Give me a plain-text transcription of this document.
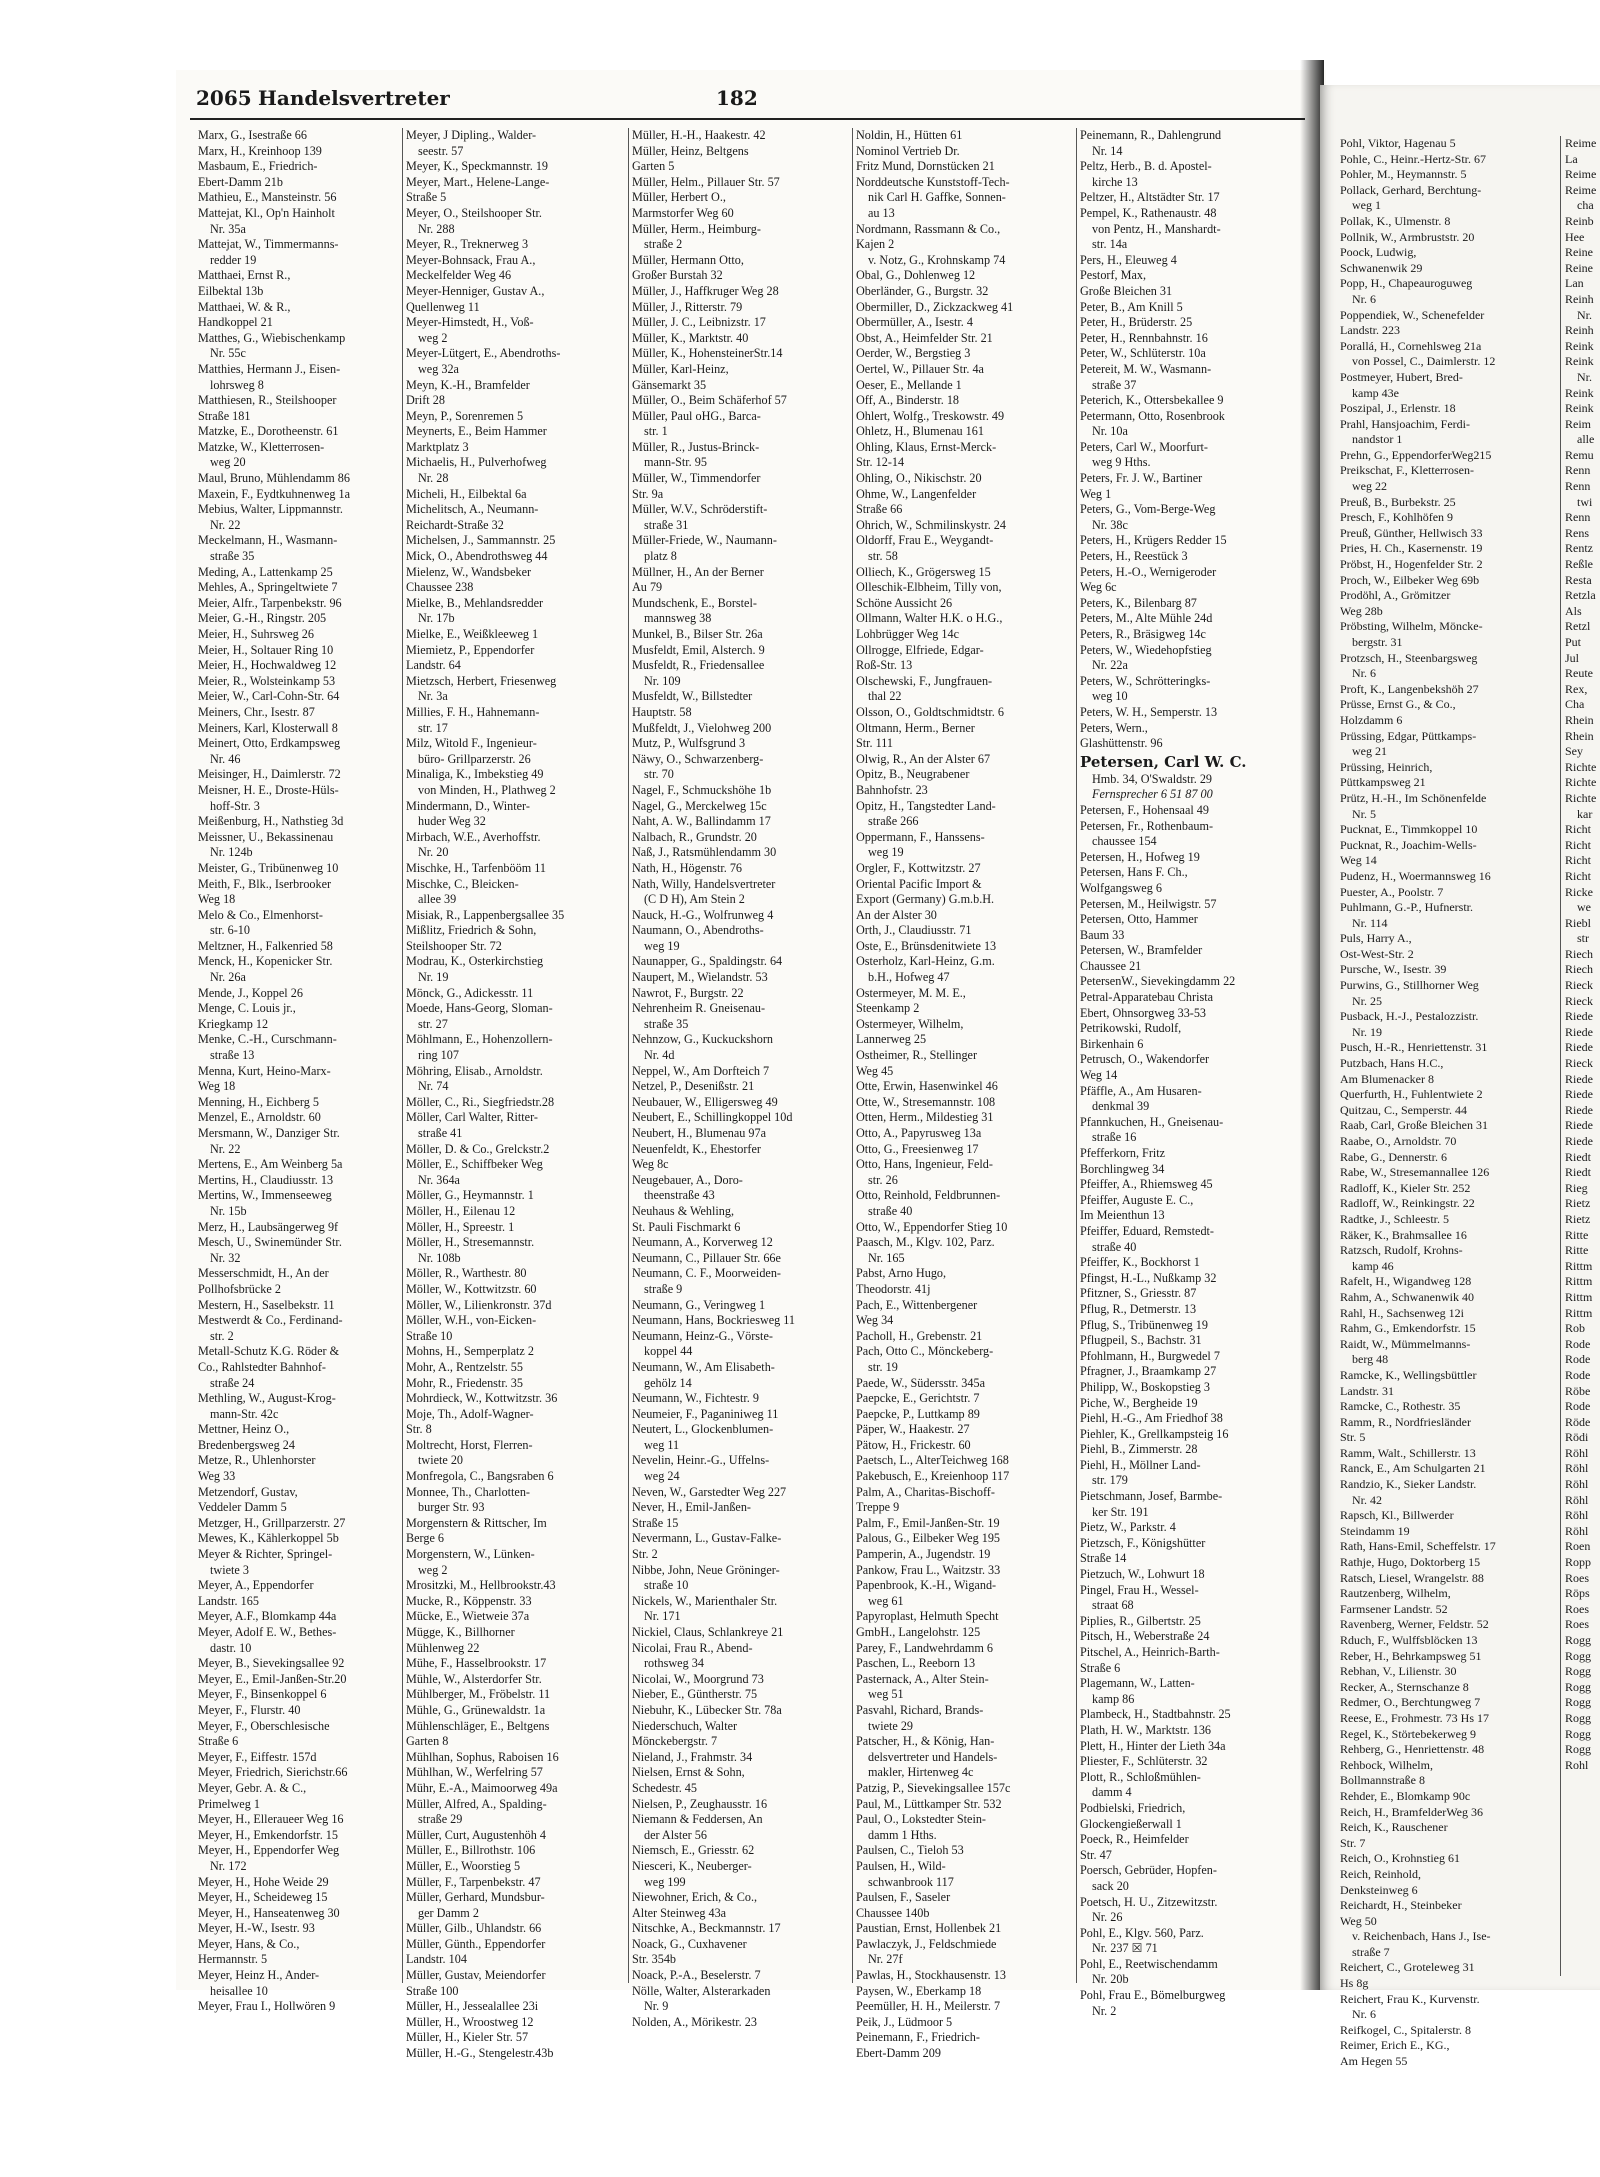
2065 Handelsvertreter	182
Marx, G., Isestraße 66
Marx, H., Kreinhoop 139
Masbaum, E., Friedrich-
Ebert-Damm 21b
Mathieu, E., Mansteinstr. 56
Mattejat, Kl., Op'n Hainholt
Nr. 35a
Mattejat, W., Timmermanns-
redder 19
Matthaei, Ernst R.,
Eilbektal 13b
Matthaei, W. & R.,
Handkoppel 21
Matthes, G., Wiebischenkamp
Nr. 55c
Matthies, Hermann J., Eisen-
lohrsweg 8
Matthiesen, R., Steilshooper
Straße 181
Matzke, E., Dorotheenstr. 61
Matzke, W., Kletterrosen-
weg 20
Maul, Bruno, Mühlendamm 86
Maxein, F., Eydtkuhnenweg 1a
Mebius, Walter, Lippmannstr.
Nr. 22
Meckelmann, H., Wasmann-
straße 35
Meding, A., Lattenkamp 25
Mehles, A., Springeltwiete 7
Meier, Alfr., Tarpenbekstr. 96
Meier, G.-H., Ringstr. 205
Meier, H., Suhrsweg 26
Meier, H., Soltauer Ring 10
Meier, H., Hochwaldweg 12
Meier, R., Wolsteinkamp 53
Meier, W., Carl-Cohn-Str. 64
Meiners, Chr., Isestr. 87
Meiners, Karl, Klosterwall 8
Meinert, Otto, Erdkampsweg
Nr. 46
Meisinger, H., Daimlerstr. 72
Meisner, H. E., Droste-Hüls-
hoff-Str. 3
Meißenburg, H., Nathstieg 3d
Meissner, U., Bekassinenau
Nr. 124b
Meister, G., Tribünenweg 10
Meith, F., Blk., Iserbrooker
Weg 18
Melo & Co., Elmenhorst-
str. 6-10
Meltzner, H., Falkenried 58
Menck, H., Kopenicker Str.
Nr. 26a
Mende, J., Koppel 26
Menge, C. Louis jr.,
Kriegkamp 12
Menke, C.-H., Curschmann-
straße 13
Menna, Kurt, Heino-Marx-
Weg 18
Menning, H., Eichberg 5
Menzel, E., Arnoldstr. 60
Mersmann, W., Danziger Str.
Nr. 22
Mertens, E., Am Weinberg 5a
Mertins, H., Claudiusstr. 13
Mertins, W., Immenseeweg
Nr. 15b
Merz, H., Laubsängerweg 9f
Mesch, U., Swinemünder Str.
Nr. 32
Messerschmidt, H., An der
Pollhofsbrücke 2
Mestern, H., Saselbekstr. 11
Mestwerdt & Co., Ferdinand-
str. 2
Metall-Schutz K.G. Röder &
Co., Rahlstedter Bahnhof-
straße 24
Methling, W., August-Krog-
mann-Str. 42c
Mettner, Heinz O.,
Bredenbergsweg 24
Metze, R., Uhlenhorster
Weg 33
Metzendorf, Gustav,
Veddeler Damm 5
Metzger, H., Grillparzerstr. 27
Mewes, K., Kählerkoppel 5b
Meyer & Richter, Springel-
twiete 3
Meyer, A., Eppendorfer
Landstr. 165
Meyer, A.F., Blomkamp 44a
Meyer, Adolf E. W., Bethes-
dastr. 10
Meyer, B., Sievekingsallee 92
Meyer, E., Emil-Janßen-Str.20
Meyer, F., Binsenkoppel 6
Meyer, F., Flurstr. 40
Meyer, F., Oberschlesische
Straße 6
Meyer, F., Eiffestr. 157d
Meyer, Friedrich, Sierichstr.66
Meyer, Gebr. A. & C.,
Primelweg 1
Meyer, H., Elleraueer Weg 16
Meyer, H., Emkendorfstr. 15
Meyer, H., Eppendorfer Weg
Nr. 172
Meyer, H., Hohe Weide 29
Meyer, H., Scheideweg 15
Meyer, H., Hanseatenweg 30
Meyer, H.-W., Isestr. 93
Meyer, Hans, & Co.,
Hermannstr. 5
Meyer, Heinz H., Ander-
heisallee 10
Meyer, Frau I., Hollwören 9
Meyer, J Dipling., Walder-
seestr. 57
Meyer, K., Speckmannstr. 19
Meyer, Mart., Helene-Lange-
Straße 5
Meyer, O., Steilshooper Str.
Nr. 288
Meyer, R., Treknerweg 3
Meyer-Bohnsack, Frau A.,
Meckelfelder Weg 46
Meyer-Henniger, Gustav A.,
Quellenweg 11
Meyer-Himstedt, H., Voß-
weg 2
Meyer-Lütgert, E., Abendroths-
weg 32a
Meyn, K.-H., Bramfelder
Drift 28
Meyn, P., Sorenremen 5
Meynerts, E., Beim Hammer
Marktplatz 3
Michaelis, H., Pulverhofweg
Nr. 28
Micheli, H., Eilbektal 6a
Michelitsch, A., Neumann-
Reichardt-Straße 32
Michelsen, J., Sammannstr. 25
Mick, O., Abendrothsweg 44
Mielenz, W., Wandsbeker
Chaussee 238
Mielke, B., Mehlandsredder
Nr. 17b
Mielke, E., Weißkleeweg 1
Miemietz, P., Eppendorfer
Landstr. 64
Mietzsch, Herbert, Friesenweg
Nr. 3a
Millies, F. H., Hahnemann-
str. 17
Milz, Witold F., Ingenieur-
büro- Grillparzerstr. 26
Minaliga, K., Imbekstieg 49
von Minden, H., Plathweg 2
Mindermann, D., Winter-
huder Weg 32
Mirbach, W.E., Averhoffstr.
Nr. 20
Mischke, H., Tarfenbööm 11
Mischke, C., Bleicken-
allee 39
Misiak, R., Lappenbergsallee 35
Mißlitz, Friedrich & Sohn,
Steilshooper Str. 72
Modrau, K., Osterkirchstieg
Nr. 19
Mönck, G., Adickesstr. 11
Moede, Hans-Georg, Sloman-
str. 27
Möhlmann, E., Hohenzollern-
ring 107
Möhring, Elisab., Arnoldstr.
Nr. 74
Möller, C., Ri., Siegfriedstr.28
Möller, Carl Walter, Ritter-
straße 41
Möller, D. & Co., Grelckstr.2
Möller, E., Schiffbeker Weg
Nr. 364a
Möller, G., Heymannstr. 1
Möller, H., Eilenau 12
Möller, H., Spreestr. 1
Möller, H., Stresemannstr.
Nr. 108b
Möller, R., Warthestr. 80
Möller, W., Kottwitzstr. 60
Möller, W., Lilienkronstr. 37d
Möller, W.H., von-Eicken-
Straße 10
Mohns, H., Semperplatz 2
Mohr, A., Rentzelstr. 55
Mohr, R., Friedenstr. 35
Mohrdieck, W., Kottwitzstr. 36
Moje, Th., Adolf-Wagner-
Str. 8
Moltrecht, Horst, Flerren-
twiete 20
Monfregola, C., Bangsraben 6
Monnee, Th., Charlotten-
burger Str. 93
Morgenstern & Rittscher, Im
Berge 6
Morgenstern, W., Lünken-
weg 2
Mrositzki, M., Hellbrookstr.43
Mucke, R., Köppenstr. 33
Mücke, E., Wietweie 37a
Mügge, K., Billhorner
Mühlenweg 22
Mühe, F., Hasselbrookstr. 17
Mühle, W., Alsterdorfer Str.
Mühlberger, M., Fröbelstr. 11
Mühle, G., Grünewaldstr. 1a
Mühlenschläger, E., Beltgens
Garten 8
Mühlhan, Sophus, Raboisen 16
Mühlhan, W., Werfelring 57
Mühr, E.-A., Maimoorweg 49a
Müller, Alfred, A., Spalding-
straße 29
Müller, Curt, Augustenhöh 4
Müller, E., Billrothstr. 106
Müller, E., Woorstieg 5
Müller, F., Tarpenbekstr. 47
Müller, Gerhard, Mundsbur-
ger Damm 2
Müller, Gilb., Uhlandstr. 66
Müller, Günth., Eppendorfer
Landstr. 104
Müller, Gustav, Meiendorfer
Straße 100
Müller, H., Jessealallee 23i
Müller, H., Wroostweg 12
Müller, H., Kieler Str. 57
Müller, H.-G., Stengelestr.43b
Müller, H.-H., Haakestr. 42
Müller, Heinz, Beltgens
Garten 5
Müller, Helm., Pillauer Str. 57
Müller, Herbert O.,
Marmstorfer Weg 60
Müller, Herm., Heimburg-
straße 2
Müller, Hermann Otto,
Großer Burstah 32
Müller, J., Haffkruger Weg 28
Müller, J., Ritterstr. 79
Müller, J. C., Leibnizstr. 17
Müller, K., Marktstr. 40
Müller, K., HohensteinerStr.14
Müller, Karl-Heinz,
Gänsemarkt 35
Müller, O., Beim Schäferhof 57
Müller, Paul oHG., Barca-
str. 1
Müller, R., Justus-Brinck-
mann-Str. 95
Müller, W., Timmendorfer
Str. 9a
Müller, W.V., Schröderstift-
straße 31
Müller-Friede, W., Naumann-
platz 8
Müllner, H., An der Berner
Au 79
Mundschenk, E., Borstel-
mannsweg 38
Munkel, B., Bilser Str. 26a
Musfeldt, Emil, Alsterch. 9
Musfeldt, R., Friedensallee
Nr. 109
Musfeldt, W., Billstedter
Hauptstr. 58
Mußfeldt, J., Vielohweg 200
Mutz, P., Wulfsgrund 3
Näwy, O., Schwarzenberg-
str. 70
Nagel, F., Schmuckshöhe 1b
Nagel, G., Merckelweg 15c
Naht, A. W., Ballindamm 17
Nalbach, R., Grundstr. 20
Naß, J., Ratsmühlendamm 30
Nath, H., Högenstr. 76
Nath, Willy, Handelsvertreter
(C D H), Am Stein 2
Nauck, H.-G., Wolfrunweg 4
Naumann, O., Abendroths-
weg 19
Naunapper, G., Spaldingstr. 64
Naupert, M., Wielandstr. 53
Nawrot, F., Burgstr. 22
Nehrenheim R. Gneisenau-
straße 35
Nehnzow, G., Kuckuckshorn
Nr. 4d
Neppel, W., Am Dorfteich 7
Netzel, P., Desenißstr. 21
Neubauer, W., Elligersweg 49
Neubert, E., Schillingkoppel 10d
Neubert, H., Blumenau 97a
Neuenfeldt, K., Ehestorfer
Weg 8c
Neugebauer, A., Doro-
theenstraße 43
Neuhaus & Wehling,
St. Pauli Fischmarkt 6
Neumann, A., Korverweg 12
Neumann, C., Pillauer Str. 66e
Neumann, C. F., Moorweiden-
straße 9
Neumann, G., Veringweg 1
Neumann, Hans, Bockriesweg 11
Neumann, Heinz-G., Vörste-
koppel 44
Neumann, W., Am Elisabeth-
gehölz 14
Neumann, W., Fichtestr. 9
Neumeier, F., Paganiniweg 11
Neutert, L., Glockenblumen-
weg 11
Nevelin, Heinr.-G., Uffelns-
weg 24
Neven, W., Garstedter Weg 227
Never, H., Emil-Janßen-
Straße 15
Nevermann, L., Gustav-Falke-
Str. 2
Nibbe, John, Neue Gröninger-
straße 10
Nickels, W., Marienthaler Str.
Nr. 171
Nickiel, Claus, Schlankreye 21
Nicolai, Frau R., Abend-
rothsweg 34
Nicolai, W., Moorgrund 73
Nieber, E., Güntherstr. 75
Niebuhr, K., Lübecker Str. 78a
Niederschuch, Walter
Mönckebergstr. 7
Nieland, J., Frahmstr. 34
Nielsen, Ernst & Sohn,
Schedestr. 45
Nielsen, P., Zeughausstr. 16
Niemann & Feddersen, An
der Alster 56
Niemsch, E., Griesstr. 62
Niesceri, K., Neuberger-
weg 199
Niewohner, Erich, & Co.,
Alter Steinweg 43a
Nitschke, A., Beckmannstr. 17
Noack, G., Cuxhavener
Str. 354b
Noack, P.-A., Beselerstr. 7
Nölle, Walter, Alsterarkaden
Nr. 9
Nolden, A., Mörikestr. 23
Noldin, H., Hütten 61
Nominol Vertrieb Dr.
Fritz Mund, Dornstücken 21
Norddeutsche Kunststoff-Tech-
nik Carl H. Gaffke, Sonnen-
au 13
Nordmann, Rassmann & Co.,
Kajen 2
v. Notz, G., Krohnskamp 74
Obal, G., Dohlenweg 12
Oberländer, G., Burgstr. 32
Obermiller, D., Zickzackweg 41
Obermüller, A., Isestr. 4
Obst, A., Heimfelder Str. 21
Oerder, W., Bergstieg 3
Oertel, W., Pillauer Str. 4a
Oeser, E., Mellande 1
Off, A., Binderstr. 18
Ohlert, Wolfg., Treskowstr. 49
Ohletz, H., Blumenau 161
Ohling, Klaus, Ernst-Merck-
Str. 12-14
Ohling, O., Nikischstr. 20
Ohme, W., Langenfelder
Straße 66
Ohrich, W., Schmilinskystr. 24
Oldorff, Frau E., Weygandt-
str. 58
Olliech, K., Grögersweg 15
Olleschik-Elbheim, Tilly von,
Schöne Aussicht 26
Ollmann, Walter H.K. o H.G.,
Lohbrügger Weg 14c
Ollrogge, Elfriede, Edgar-
Roß-Str. 13
Olschewski, F., Jungfrauen-
thal 22
Olsson, O., Goldtschmidtstr. 6
Oltmann, Herm., Berner
Str. 111
Olwig, R., An der Alster 67
Opitz, B., Neugrabener
Bahnhofstr. 23
Opitz, H., Tangstedter Land-
straße 266
Oppermann, F., Hanssens-
weg 19
Orgler, F., Kottwitzstr. 27
Oriental Pacific Import &
Export (Germany) G.m.b.H.
An der Alster 30
Orth, J., Claudiusstr. 71
Oste, E., Brünsdenitwiete 13
Osterholz, Karl-Heinz, G.m.
b.H., Hofweg 47
Ostermeyer, M. M. E.,
Steenkamp 2
Ostermeyer, Wilhelm,
Lannerweg 25
Ostheimer, R., Stellinger
Weg 45
Otte, Erwin, Hasenwinkel 46
Otte, W., Stresemannstr. 108
Otten, Herm., Mildestieg 31
Otto, A., Papyrusweg 13a
Otto, G., Freesienweg 17
Otto, Hans, Ingenieur, Feld-
str. 26
Otto, Reinhold, Feldbrunnen-
straße 40
Otto, W., Eppendorfer Stieg 10
Paasch, M., Klgv. 102, Parz.
Nr. 165
Pabst, Arno Hugo,
Theodorstr. 41j
Pach, E., Wittenbergener
Weg 34
Pacholl, H., Grebenstr. 21
Pach, Otto C., Mönckeberg-
str. 19
Paede, W., Südersstr. 345a
Paepcke, E., Gerichtstr. 7
Paepcke, P., Luttkamp 89
Päper, W., Haakestr. 27
Pätow, H., Frickestr. 60
Paetsch, L., AlterTeichweg 168
Pakebusch, E., Kreienhoop 117
Palm, A., Charitas-Bischoff-
Treppe 9
Palm, F., Emil-Janßen-Str. 19
Palous, G., Eilbeker Weg 195
Pamperin, A., Jugendstr. 19
Pankow, Frau L., Waitzstr. 33
Papenbrook, K.-H., Wigand-
weg 61
Papyroplast, Helmuth Specht
GmbH., Langelohstr. 125
Parey, F., Landwehrdamm 6
Paschen, L., Reeborn 13
Pasternack, A., Alter Stein-
weg 51
Pasvahl, Richard, Brands-
twiete 29
Patscher, H., & König, Han-
delsvertreter und Handels-
makler, Hirtenweg 4c
Patzig, P., Sievekingsallee 157c
Paul, M., Lüttkamper Str. 532
Paul, O., Lokstedter Stein-
damm 1 Hths.
Paulsen, C., Tieloh 53
Paulsen, H., Wild-
schwanbrook 117
Paulsen, F., Saseler
Chaussee 140b
Paustian, Ernst, Hollenbek 21
Pawlaczyk, J., Feldschmiede
Nr. 27f
Pawlas, H., Stockhausenstr. 13
Paysen, W., Eberkamp 18
Peemüller, H. H., Meilerstr. 7
Peik, J., Lüdmoor 5
Peinemann, F., Friedrich-
Ebert-Damm 209
Peinemann, R., Dahlengrund
Nr. 14
Peltz, Herb., B. d. Apostel-
kirche 13
Peltzer, H., Altstädter Str. 17
Pempel, K., Rathenaustr. 48
von Pentz, H., Manshardt-
str. 14a
Pers, H., Eleuweg 4
Pestorf, Max,
Große Bleichen 31
Peter, B., Am Knill 5
Peter, H., Brüderstr. 25
Peter, H., Rennbahnstr. 16
Peter, W., Schlüterstr. 10a
Petereit, M. W., Wasmann-
straße 37
Peterich, K., Ottersbekallee 9
Petermann, Otto, Rosenbrook
Nr. 10a
Peters, Carl W., Moorfurt-
weg 9 Hths.
Peters, Fr. J. W., Bartiner
Weg 1
Peters, G., Vom-Berge-Weg
Nr. 38c
Peters, H., Krügers Redder 15
Peters, H., Reestück 3
Peters, H.-O., Wernigeroder
Weg 6c
Peters, K., Bilenbarg 87
Peters, M., Alte Mühle 24d
Peters, R., Bräsigweg 14c
Peters, W., Wiedehopfstieg
Nr. 22a
Peters, W., Schrötteringks-
weg 10
Peters, W. H., Semperstr. 13
Peters, Wern.,
Glashüttenstr. 96
Petersen, Carl W. C.
Hmb. 34, O'Swaldstr. 29
Fernsprecher 6 51 87 00
Petersen, F., Hohensaal 49
Petersen, Fr., Rothenbaum-
chaussee 154
Petersen, H., Hofweg 19
Petersen, Hans F. Ch.,
Wolfgangsweg 6
Petersen, M., Heilwigstr. 57
Petersen, Otto, Hammer
Baum 33
Petersen, W., Bramfelder
Chaussee 21
PetersenW., Sievekingdamm 22
Petral-Apparatebau Christa
Ebert, Ohnsorgweg 33-53
Petrikowski, Rudolf,
Birkenhain 6
Petrusch, O., Wakendorfer
Weg 14
Pfäffle, A., Am Husaren-
denkmal 39
Pfannkuchen, H., Gneisenau-
straße 16
Pfefferkorn, Fritz
Borchlingweg 34
Pfeiffer, A., Rhiemsweg 45
Pfeiffer, Auguste E. C.,
Im Meienthun 13
Pfeiffer, Eduard, Remstedt-
straße 40
Pfeiffer, K., Bockhorst 1
Pfingst, H.-L., Nußkamp 32
Pfitzner, S., Griesstr. 87
Pflug, R., Detmerstr. 13
Pflug, S., Tribünenweg 19
Pflugpeil, S., Bachstr. 31
Pfohlmann, H., Burgwedel 7
Pfragner, J., Braamkamp 27
Philipp, W., Boskopstieg 3
Piche, W., Bergheide 19
Piehl, H.-G., Am Friedhof 38
Piehler, K., Grellkampsteig 16
Piehl, B., Zimmerstr. 28
Piehl, H., Möllner Land-
str. 179
Pietschmann, Josef, Barmbe-
ker Str. 191
Pietz, W., Parkstr. 4
Pietzsch, F., Königshütter
Straße 14
Pietzuch, W., Lohwurt 18
Pingel, Frau H., Wessel-
straat 68
Piplies, R., Gilbertstr. 25
Pitsch, H., Weberstraße 24
Pitschel, A., Heinrich-Barth-
Straße 6
Plagemann, W., Latten-
kamp 86
Plambeck, H., Stadtbahnstr. 25
Plath, H. W., Marktstr. 136
Plett, H., Hinter der Lieth 34a
Pliester, F., Schlüterstr. 32
Plott, R., Schloßmühlen-
damm 4
Podbielski, Friedrich,
Glockengießerwall 1
Poeck, R., Heimfelder
Str. 47
Poersch, Gebrüder, Hopfen-
sack 20
Poetsch, H. U., Zitzewitzstr.
Nr. 26
Pohl, E., Klgv. 560, Parz.
Nr. 237 ☒ 71
Pohl, E., Reetwischendamm
Nr. 20b
Pohl, Frau E., Bömelburgweg
Nr. 2
Pohl, Viktor, Hagenau 5
Pohle, C., Heinr.-Hertz-Str. 67
Pohler, M., Heymannstr. 5
Pollack, Gerhard, Berchtung-
weg 1
Pollak, K., Ulmenstr. 8
Pollnik, W., Armbruststr. 20
Poock, Ludwig,
Schwanenwik 29
Popp, H., Chapeauroguweg
Nr. 6
Poppendiek, W., Schenefelder
Landstr. 223
Porallá, H., Cornehlsweg 21a
von Possel, C., Daimlerstr. 12
Postmeyer, Hubert, Bred-
kamp 43e
Poszipal, J., Erlenstr. 18
Prahl, Hansjoachim, Ferdi-
nandstor 1
Prehn, G., EppendorferWeg215
Preikschat, F., Kletterrosen-
weg 22
Preuß, B., Burbekstr. 25
Presch, F., Kohlhöfen 9
Preuß, Günther, Hellwisch 33
Pries, H. Ch., Kasernenstr. 19
Pröbst, H., Hogenfelder Str. 2
Proch, W., Eilbeker Weg 69b
Prodöhl, A., Grömitzer
Weg 28b
Pröbsting, Wilhelm, Möncke-
bergstr. 31
Protzsch, H., Steenbargsweg
Nr. 6
Proft, K., Langenbekshöh 27
Prüsse, Ernst G., & Co.,
Holzdamm 6
Prüssing, Edgar, Püttkamps-
weg 21
Prüssing, Heinrich,
Püttkampsweg 21
Prütz, H.-H., Im Schönenfelde
Nr. 5
Pucknat, E., Timmkoppel 10
Pucknat, R., Joachim-Wells-
Weg 14
Pudenz, H., Woermannsweg 16
Puester, A., Poolstr. 7
Puhlmann, G.-P., Hufnerstr.
Nr. 114
Puls, Harry A.,
Ost-West-Str. 2
Pursche, W., Isestr. 39
Purwins, G., Stillhorner Weg
Nr. 25
Pusback, H.-J., Pestalozzistr.
Nr. 19
Pusch, H.-R., Henriettenstr. 31
Putzbach, Hans H.C.,
Am Blumenacker 8
Querfurth, H., Fuhlentwiete 2
Quitzau, C., Semperstr. 44
Raab, Carl, Große Bleichen 31
Raabe, O., Arnoldstr. 70
Rabe, G., Dennerstr. 6
Rabe, W., Stresemannallee 126
Radloff, K., Kieler Str. 252
Radloff, W., Reinkingstr. 22
Radtke, J., Schleestr. 5
Räker, K., Brahmsallee 16
Ratzsch, Rudolf, Krohns-
kamp 46
Rafelt, H., Wigandweg 128
Rahm, A., Schwanenwik 40
Rahl, H., Sachsenweg 12i
Rahm, G., Emkendorfstr. 15
Raidt, W., Mümmelmanns-
berg 48
Ramcke, K., Wellingsbüttler
Landstr. 31
Ramcke, C., Rothestr. 35
Ramm, R., Nordfriesländer
Str. 5
Ramm, Walt., Schillerstr. 13
Ranck, E., Am Schulgarten 21
Randzio, K., Sieker Landstr.
Nr. 42
Rapsch, Kl., Billwerder
Steindamm 19
Rath, Hans-Emil, Scheffelstr. 17
Rathje, Hugo, Doktorberg 15
Ratsch, Liesel, Wrangelstr. 88
Rautzenberg, Wilhelm,
Farmsener Landstr. 52
Ravenberg, Werner, Feldstr. 52
Rduch, F., Wulffsblöcken 13
Reber, H., Behrkampsweg 51
Rebhan, V., Lilienstr. 30
Recker, A., Sternschanze 8
Redmer, O., Berchtungweg 7
Reese, E., Frohmestr. 73 Hs 17
Regel, K., Störtebekerweg 9
Rehberg, G., Henriettenstr. 48
Rehbock, Wilhelm,
Bollmannstraße 8
Rehder, E., Blomkamp 90c
Reich, H., BramfelderWeg 36
Reich, K., Rauschener
Str. 7
Reich, O., Krohnstieg 61
Reich, Reinhold,
Denksteinweg 6
Reichardt, H., Steinbeker
Weg 50
v. Reichenbach, Hans J., Ise-
straße 7
Reichert, C., Groteleweg 31
Hs 8g
Reichert, Frau K., Kurvenstr.
Nr. 6
Reifkogel, C., Spitalerstr. 8
Reimer, Erich E., KG.,
Am Hegen 55
Reime
La
Reime
Reime
cha
Reinb
Hee
Reine
Reine
Lan
Reinh
Nr.
Reinh
Reink
Reink
Nr.
Reink
Reink
Reim
alle
Remu
Renn
Renn
twi
Renn
Rens
Rentz
Reßle
Resta
Retzla
Als
Retzl
Put
Jul
Reute
Rex,
Cha
Rhein
Rhein
Sey
Richte
Richte
Richte
kar
Richt
Richt
Richt
Richt
Ricke
we
Riebl
str
Riech
Riech
Rieck
Rieck
Riede
Riede
Riede
Rieck
Riede
Riede
Riede
Riede
Riede
Riedt
Riedt
Rieg
Rietz
Rietz
Ritte
Ritte
Rittm
Rittm
Rittm
Rittm
Rob
Rode
Rode
Rode
Röbe
Rode
Röde
Rödi
Röhl
Röhl
Röhl
Röhl
Röhl
Röhl
Roen
Ropp
Roes
Röps
Roes
Roes
Rogg
Rogg
Rogg
Rogg
Rogg
Rogg
Rogg
Rogg
Rohl
